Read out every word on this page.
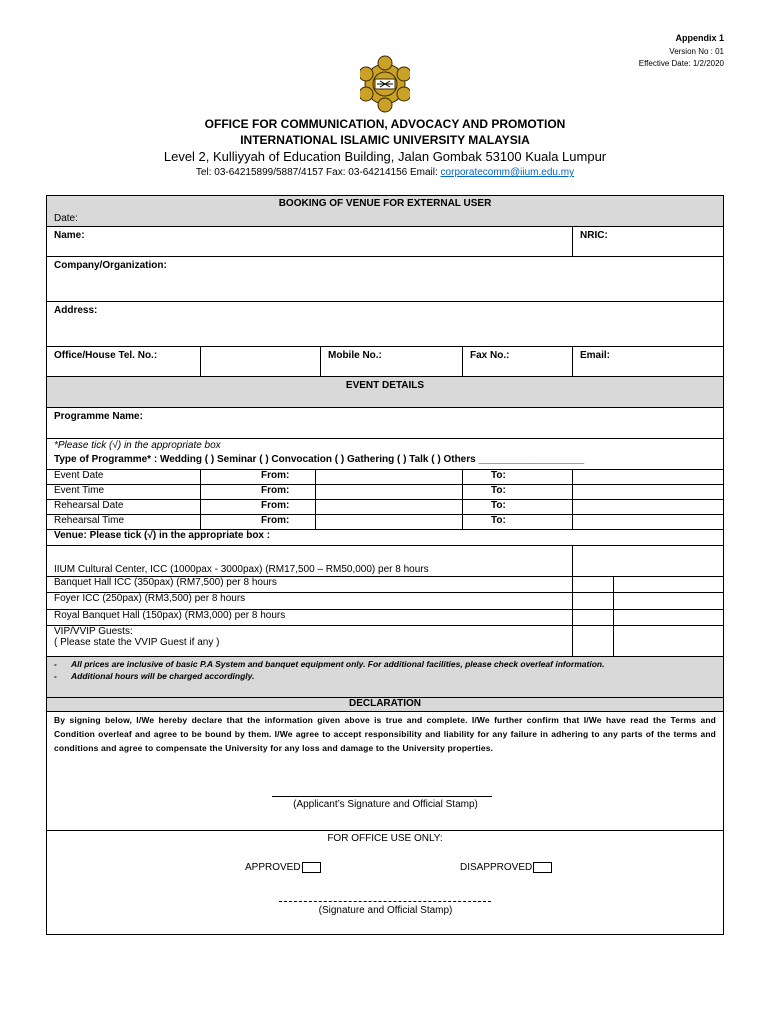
Appendix 1
Version No : 01
Effective Date: 1/2/2020
OFFICE FOR COMMUNICATION, ADVOCACY AND PROMOTION
INTERNATIONAL ISLAMIC UNIVERSITY MALAYSIA
Level 2, Kulliyyah of Education Building, Jalan Gombak 53100 Kuala Lumpur
Tel: 03-64215899/5887/4157 Fax: 03-64214156 Email: corporatecomm@iium.edu.my
BOOKING OF VENUE FOR EXTERNAL USER					

Date:
Name:					NRIC:
Company/Organization:					
Address:					
Office/House Tel. No.:			Mobile No.:	Fax No.:	Email:
EVENT DETAILS					
Programme Name:					
*Please tick (√) in the appropriate box					
Type of Programme* : Wedding ( ) Seminar ( ) Convocation ( ) Gathering ( ) Talk ( ) Others ___________________					
Event Date	From:			To:	
Event Time	From:			To:	
Rehearsal Date	From:			To:	
Rehearsal Time	From:			To:	
Venue: Please tick (√) in the appropriate box :					
IIUM Cultural Center, ICC (1000pax - 3000pax) (RM17,500 – RM50,000) per 8 hours					

Banquet Hall ICC (350pax) (RM7,500) per 8 hours					

Foyer ICC (250pax) (RM3,500) per 8 hours					

Royal Banquet Hall (150pax) (RM3,000) per 8 hours					

VIP/VVIP Guests:
( Please state the VVIP Guest if any )					

-      All prices are inclusive of basic P.A System and banquet equipment only. For additional facilities, please check overleaf information.
-      Additional hours will be charged accordingly.					

DECLARATION					

By signing below, I/We hereby declare that the information given above is true and complete. I/We further confirm that I/We have read the Terms and Condition overleaf and agree to be bound by them. I/We agree to accept responsibility and liability for any failure in adhering to any parts of the terms and conditions and agree to compensate the University for any loss and damage to the University properties.
(Applicant’s Signature and Official Stamp)					

FOR OFFICE USE ONLY:
APPROVED DISAPPROVED
(Signature and Official Stamp)					
